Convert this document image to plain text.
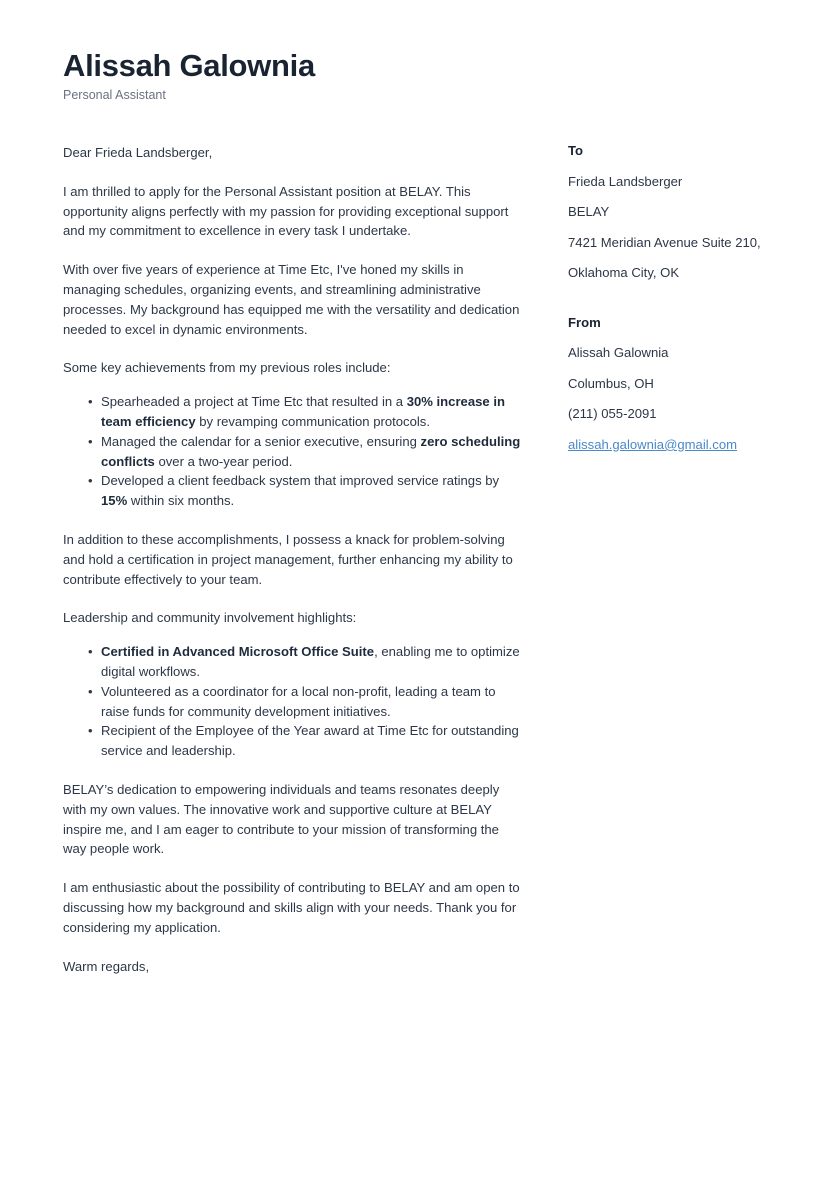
Alissah Galownia

Personal Assistant

Dear Frieda Landsberger,

I am thrilled to apply for the Personal Assistant position at BELAY. This opportunity aligns perfectly with my passion for providing exceptional support and my commitment to excellence in every task I undertake.

With over five years of experience at Time Etc, I've honed my skills in managing schedules, organizing events, and streamlining administrative processes. My background has equipped me with the versatility and dedication needed to excel in dynamic environments.

Some key achievements from my previous roles include:

• Spearheaded a project at Time Etc that resulted in a 30% increase in team efficiency by revamping communication protocols.
• Managed the calendar for a senior executive, ensuring zero scheduling conflicts over a two-year period.
• Developed a client feedback system that improved service ratings by 15% within six months.

In addition to these accomplishments, I possess a knack for problem-solving and hold a certification in project management, further enhancing my ability to contribute effectively to your team.

Leadership and community involvement highlights:

• Certified in Advanced Microsoft Office Suite, enabling me to optimize digital workflows.
• Volunteered as a coordinator for a local non-profit, leading a team to raise funds for community development initiatives.
• Recipient of the Employee of the Year award at Time Etc for outstanding service and leadership.

BELAY’s dedication to empowering individuals and teams resonates deeply with my own values. The innovative work and supportive culture at BELAY inspire me, and I am eager to contribute to your mission of transforming the way people work.

I am enthusiastic about the possibility of contributing to BELAY and am open to discussing how my background and skills align with your needs. Thank you for considering my application.

Warm regards,

To

Frieda Landsberger

BELAY

7421 Meridian Avenue Suite 210,

Oklahoma City, OK

From

Alissah Galownia

Columbus, OH

(211) 055-2091

alissah.galownia@gmail.com
